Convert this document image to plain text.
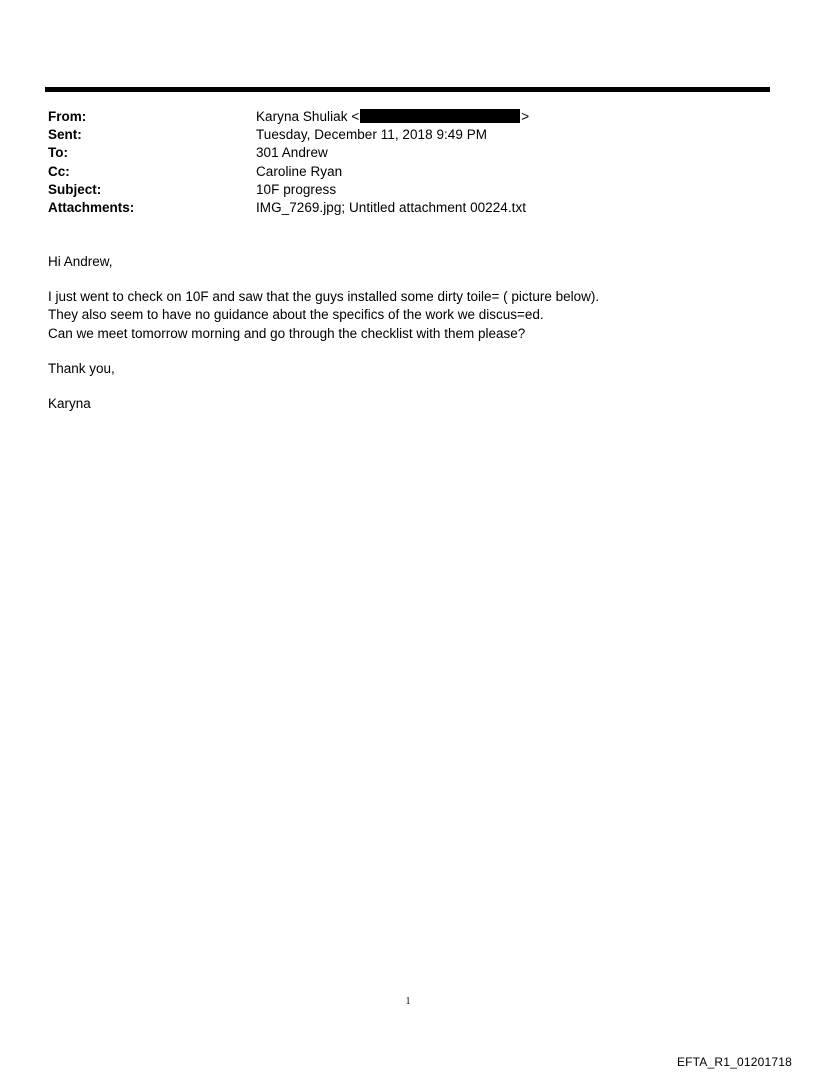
From:	Karyna Shuliak <	>
Sent:	Tuesday, December 11, 2018 9:49 PM
To:	301 Andrew
Cc:	Caroline Ryan
Subject:	10F progress
Attachments:	IMG_7269.jpg; Untitled attachment 00224.txt

Hi Andrew,

I just went to check on 10F and saw that the guys installed some dirty toile= ( picture below).
They also seem to have no guidance about the specifics of the work we discus=ed.
Can we meet tomorrow morning and go through the checklist with them please?

Thank you,

Karyna

1
EFTA_R1_01201718
